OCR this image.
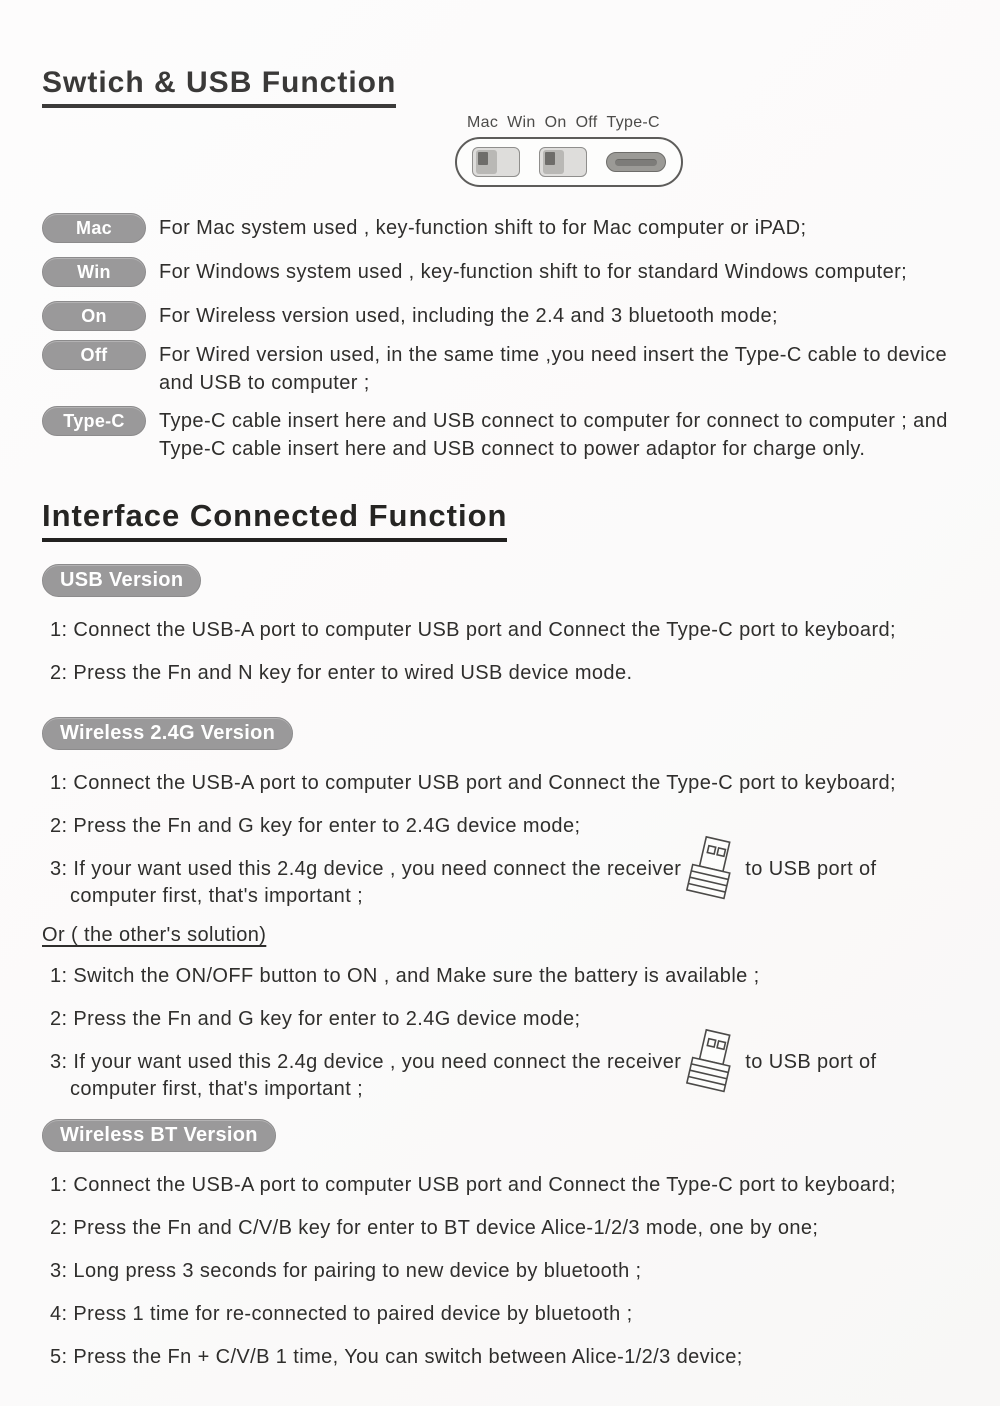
Swtich & USB Function
Mac Win On Off Type-C
Mac	For Mac system used , key-function shift to for Mac computer or iPAD;
Win	For Windows system used , key-function shift to for standard Windows computer;
On	For Wireless version used, including the 2.4 and 3 bluetooth mode;
Off	For Wired version used, in the same time ,you need insert the Type-C cable to device and USB to computer ;
Type-C	Type-C cable insert here and USB connect to computer for connect to computer ; and Type-C cable insert here and USB connect to power adaptor for charge only.
Interface Connected Function
USB Version

1: Connect the USB-A port to computer USB port and Connect the Type-C port to keyboard;

2: Press the Fn and N key for enter to wired USB device mode.

Wireless 2.4G Version

1: Connect the USB-A port to computer USB port and Connect the Type-C port to keyboard;

2: Press the Fn and G key for enter to 2.4G device mode;

3: If your want used this 2.4g device , you need connect the receiver	to USB port of
computer first, that's important ;

Or ( the other's solution)

1: Switch the ON/OFF button to ON , and Make sure the battery is available ;

2: Press the Fn and G key for enter to 2.4G device mode;

3: If your want used this 2.4g device , you need connect the receiver	to USB port of
computer first, that's important ;
Wireless BT Version

1: Connect the USB-A port to computer USB port and Connect the Type-C port to keyboard;

2: Press the Fn and C/V/B key for enter to BT device Alice-1/2/3 mode, one by one;

3: Long press 3 seconds for pairing to new device by bluetooth ;

4: Press 1 time for re-connected to paired device by bluetooth ;

5: Press the Fn + C/V/B 1 time, You can switch between Alice-1/2/3 device;
